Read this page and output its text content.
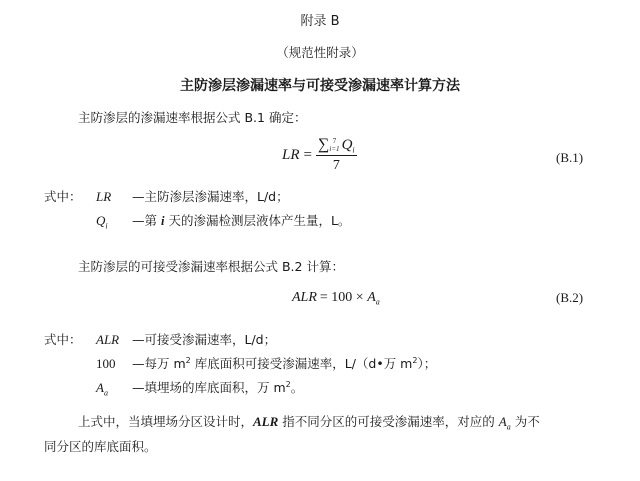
附录 B
（规范性附录）
主防渗层渗漏速率与可接受渗漏速率计算方法
主防渗层的渗漏速率根据公式 B.1 确定：
LR = ∑ 7
i=1 $Q_i$
7	(B.1)
式中： LR —主防渗层渗漏速率，L/d；
$Q_i$ —第 i 天的渗漏检测层液体产生量，L。
主防渗层的可接受渗漏速率根据公式 B.2 计算：
ALR = $100 \times A_a$	(B.2)
式中： ALR —可接受渗漏速率，L/d；
100 —每万 $m^2$ 库底面积可接受渗漏速率，L/（d•万 $m^2$）；
$A_a$ —填埋场的库底面积，万 $m^2$。
上式中，当填埋场分区设计时，ALR 指不同分区的可接受渗漏速率，对应的 $A_a$ 为不
同分区的库底面积。
